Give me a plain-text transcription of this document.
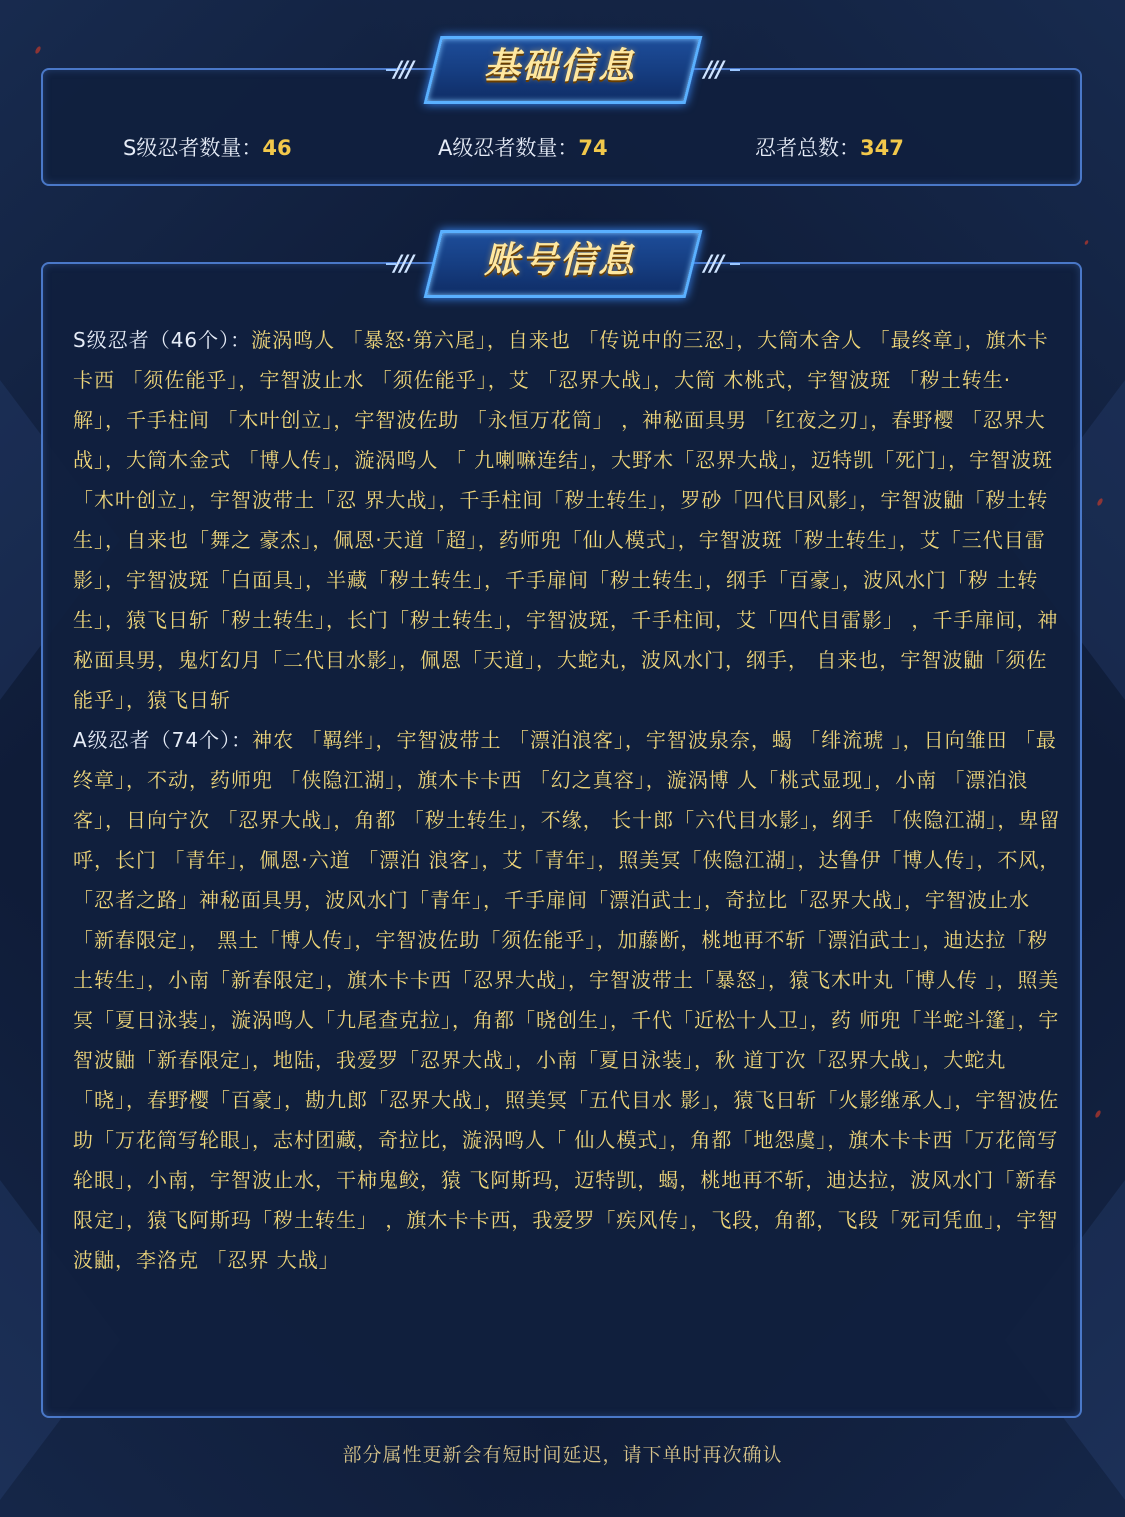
S级忍者数量：46	A级忍者数量：74	忍者总数：347
///	基础信息	///

S级忍者（46个）：漩涡鸣人 「暴怒·第六尾」，自来也 「传说中的三忍」，大筒木舍人 「最终章」，旗木卡卡西 「须佐能乎」，宇智波止水 「须佐能乎」，艾 「忍界大战」，大筒 木桃式，宇智波斑 「秽土转生·解」，千手柱间 「木叶创立」，宇智波佐助 「永恒万花筒」 ，神秘面具男 「红夜之刃」，春野樱 「忍界大战」，大筒木金式 「博人传」，漩涡鸣人 「 九喇嘛连结」，大野木「忍界大战」，迈特凯「死门」，宇智波斑「木叶创立」，宇智波带土「忍 界大战」，千手柱间「秽土转生」，罗砂「四代目风影」，宇智波鼬「秽土转生」，自来也「舞之 豪杰」，佩恩·天道「超」，药师兜「仙人模式」，宇智波斑「秽土转生」，艾「三代目雷影」，宇智波斑「白面具」，半藏「秽土转生」，千手扉间「秽土转生」，纲手「百豪」，波风水门「秽 土转生」，猿飞日斩「秽土转生」，长门「秽土转生」，宇智波斑，千手柱间，艾「四代目雷影」 ，千手扉间，神秘面具男，鬼灯幻月「二代目水影」，佩恩「天道」，大蛇丸，波风水门，纲手， 自来也，宇智波鼬「须佐能乎」，猿飞日斩

A级忍者（74个）：神农 「羁绊」，宇智波带土 「漂泊浪客」，宇智波泉奈，蝎 「绯流琥 」，日向雏田 「最终章」，不动，药师兜 「侠隐江湖」，旗木卡卡西 「幻之真容」，漩涡博 人「桃式显现」，小南 「漂泊浪客」，日向宁次 「忍界大战」，角都 「秽土转生」，不缘， 长十郎「六代目水影」，纲手 「侠隐江湖」，卑留呼，长门 「青年」，佩恩·六道 「漂泊 浪客」，艾「青年」，照美冥「侠隐江湖」，达鲁伊「博人传」，不风，「忍者之路」神秘面具男，波风水门「青年」，千手扉间「漂泊武士」，奇拉比「忍界大战」，宇智波止水「新春限定」， 黑土「博人传」，宇智波佐助「须佐能乎」，加藤断，桃地再不斩「漂泊武士」，迪达拉「秽土转生」，小南「新春限定」，旗木卡卡西「忍界大战」，宇智波带土「暴怒」，猿飞木叶丸「博人传 」，照美冥「夏日泳装」，漩涡鸣人「九尾查克拉」，角都「晓创生」，千代「近松十人卫」，药 师兜「半蛇斗篷」，宇智波鼬「新春限定」，地陆，我爱罗「忍界大战」，小南「夏日泳装」，秋 道丁次「忍界大战」，大蛇丸「晓」，春野樱「百豪」，勘九郎「忍界大战」，照美冥「五代目水 影」，猿飞日斩「火影继承人」，宇智波佐助「万花筒写轮眼」，志村团藏，奇拉比，漩涡鸣人「 仙人模式」，角都「地怨虞」，旗木卡卡西「万花筒写轮眼」，小南，宇智波止水，干柿鬼鲛，猿 飞阿斯玛，迈特凯，蝎，桃地再不斩，迪达拉，波风水门「新春限定」，猿飞阿斯玛「秽土转生」 ，旗木卡卡西，我爱罗「疾风传」，飞段，角都，飞段「死司凭血」，宇智波鼬，李洛克 「忍界 大战」

///	账号信息	///
部分属性更新会有短时间延迟，请下单时再次确认
